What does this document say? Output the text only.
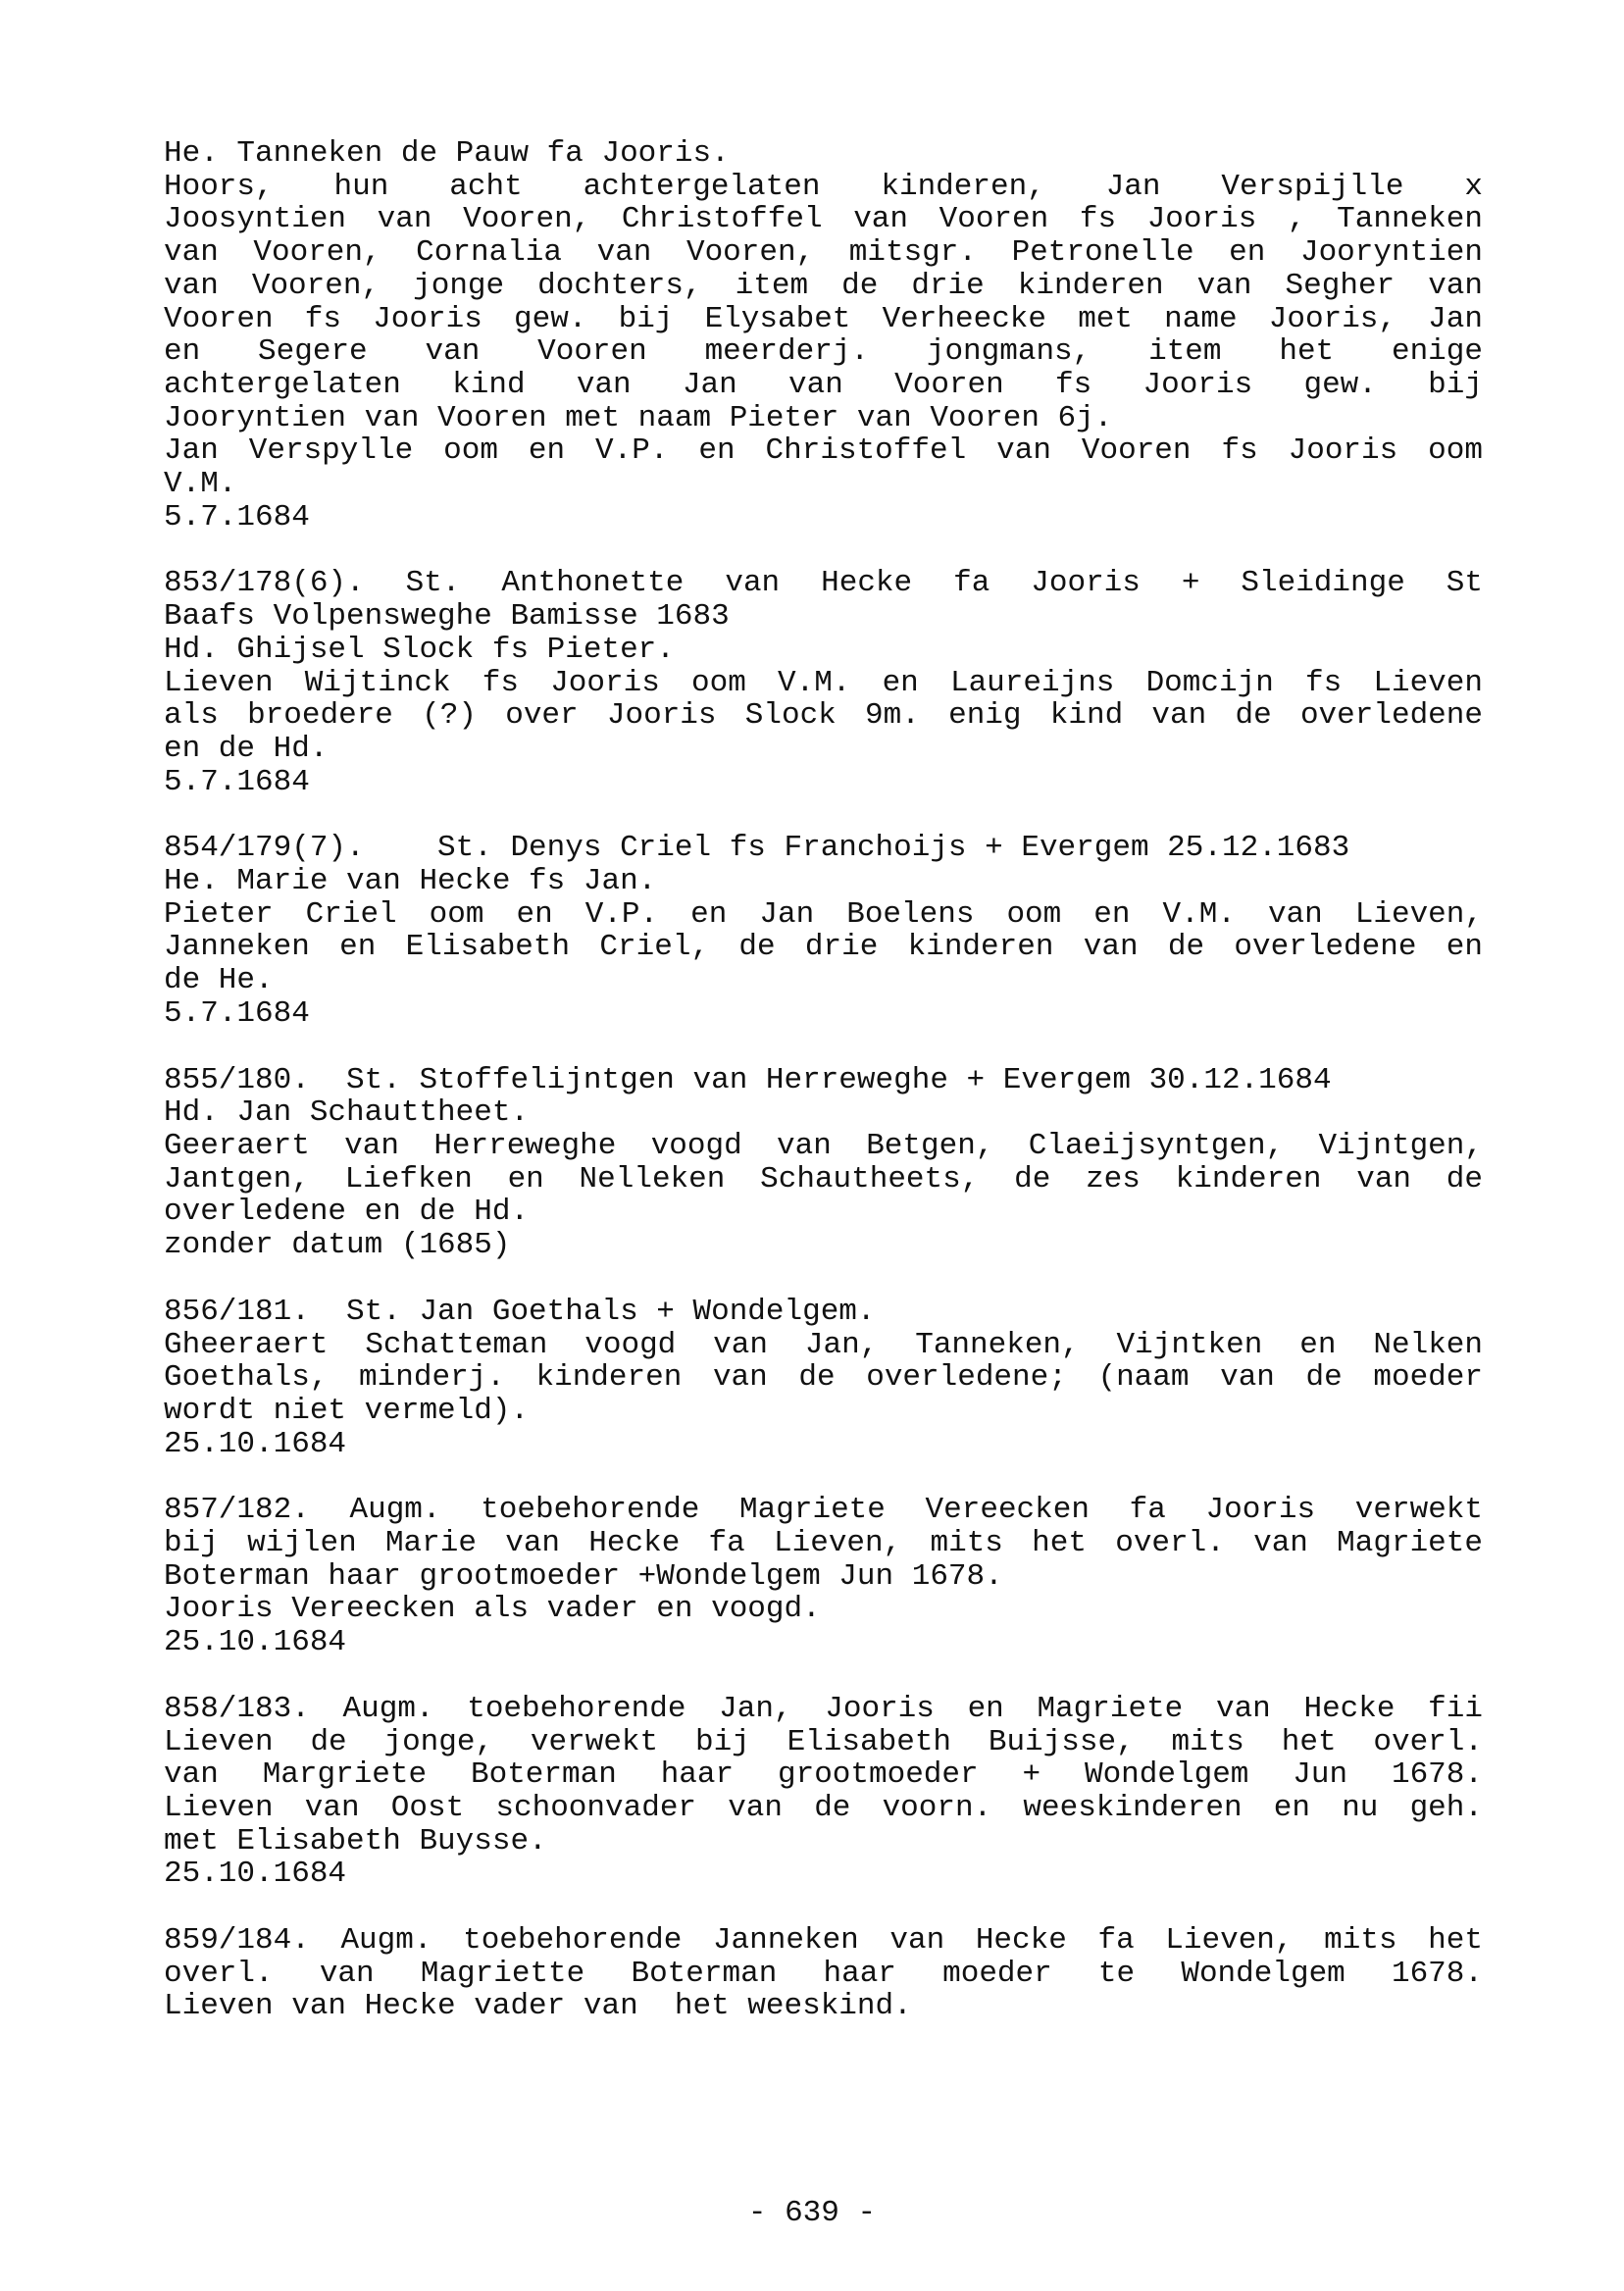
He. Tanneken de Pauw fa Jooris.
Hoors, hun acht achtergelaten kinderen, Jan Verspijlle x
Joosyntien van Vooren, Christoffel van Vooren fs Jooris , Tanneken
van Vooren, Cornalia van Vooren, mitsgr. Petronelle en Jooryntien
van Vooren, jonge dochters, item de drie kinderen van Segher van
Vooren fs Jooris gew. bij Elysabet Verheecke met name Jooris, Jan
en Segere van Vooren meerderj. jongmans, item het enige
achtergelaten kind van Jan van Vooren fs Jooris gew. bij
Jooryntien van Vooren met naam Pieter van Vooren 6j.
Jan Verspylle oom en V.P. en Christoffel van Vooren fs Jooris oom
V.M.
5.7.1684
853/178(6). St. Anthonette van Hecke fa Jooris + Sleidinge St
Baafs Volpensweghe Bamisse 1683
Hd. Ghijsel Slock fs Pieter.
Lieven Wijtinck fs Jooris oom V.M. en Laureijns Domcijn fs Lieven
als broedere (?) over Jooris Slock 9m. enig kind van de overledene
en de Hd.
5.7.1684
854/179(7).    St. Denys Criel fs Franchoijs + Evergem 25.12.1683
He. Marie van Hecke fs Jan.
Pieter Criel oom en V.P. en Jan Boelens oom en V.M. van Lieven,
Janneken en Elisabeth Criel, de drie kinderen van de overledene en
de He.
5.7.1684
855/180.  St. Stoffelijntgen van Herreweghe + Evergem 30.12.1684
Hd. Jan Schauttheet.
Geeraert van Herreweghe voogd van Betgen, Claeijsyntgen, Vijntgen,
Jantgen, Liefken en Nelleken Schautheets, de zes kinderen van de
overledene en de Hd.
zonder datum (1685)
856/181.  St. Jan Goethals + Wondelgem.
Gheeraert Schatteman voogd van Jan, Tanneken, Vijntken en Nelken
Goethals, minderj. kinderen van de overledene; (naam van de moeder
wordt niet vermeld).
25.10.1684
857/182. Augm. toebehorende Magriete Vereecken fa Jooris verwekt
bij wijlen Marie van Hecke fa Lieven, mits het overl. van Magriete
Boterman haar grootmoeder +Wondelgem Jun 1678.
Jooris Vereecken als vader en voogd.
25.10.1684
858/183. Augm. toebehorende Jan, Jooris en Magriete van Hecke fii
Lieven de jonge, verwekt bij Elisabeth Buijsse, mits het overl.
van Margriete Boterman haar grootmoeder + Wondelgem Jun 1678.
Lieven van Oost schoonvader van de voorn. weeskinderen en nu geh.
met Elisabeth Buysse.
25.10.1684
859/184. Augm. toebehorende Janneken van Hecke fa Lieven, mits het
overl. van Magriette Boterman haar moeder te Wondelgem 1678.
Lieven van Hecke vader van  het weeskind.
- 639 -
